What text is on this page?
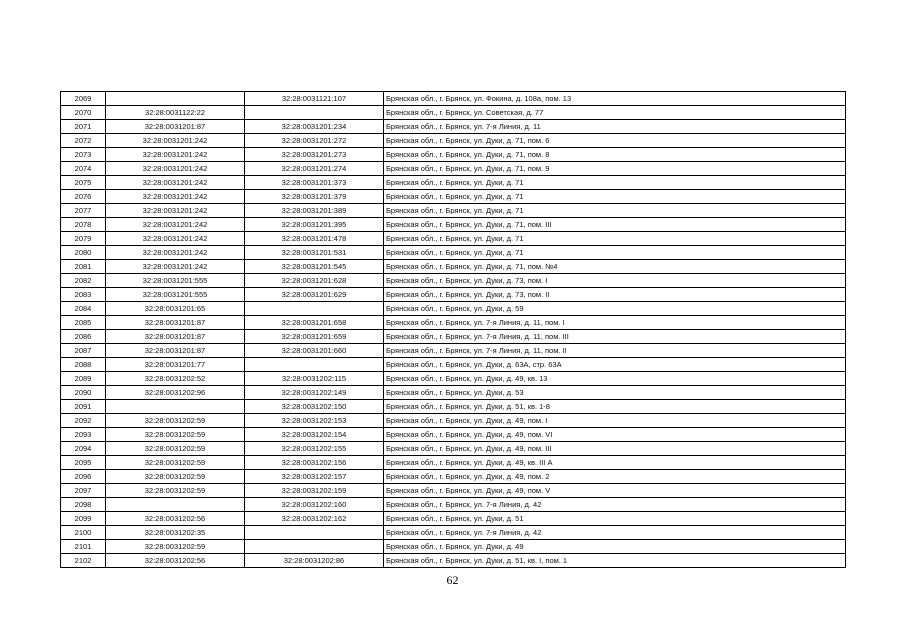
2069		32:28:0031121:107	Брянская обл., г. Брянск, ул. Фокина, д. 108а, пом. 13
2070	32:28:0031122:22		Брянская обл., г. Брянск, ул. Советская, д. 77
2071	32:28:0031201:87	32:28:0031201:234	Брянская обл., г. Брянск, ул. 7-я Линия, д. 11
2072	32:28:0031201:242	32:28:0031201:272	Брянская обл., г. Брянск, ул. Дуки, д. 71, пом. 6
2073	32:28:0031201:242	32:28:0031201:273	Брянская обл., г. Брянск, ул. Дуки, д. 71, пом. 8
2074	32:28:0031201:242	32:28:0031201:274	Брянская обл., г. Брянск, ул. Дуки, д. 71, пом. 9
2075	32:28:0031201:242	32:28:0031201:373	Брянская обл., г. Брянск, ул. Дуки, д. 71
2076	32:28:0031201:242	32:28:0031201:379	Брянская обл., г. Брянск, ул. Дуки, д. 71
2077	32:28:0031201:242	32:28:0031201:389	Брянская обл., г. Брянск, ул. Дуки, д. 71
2078	32:28:0031201:242	32:28:0031201:395	Брянская обл., г. Брянск, ул. Дуки, д. 71, пом. III
2079	32:28:0031201:242	32:28:0031201:478	Брянская обл., г. Брянск, ул. Дуки, д. 71
2080	32:28:0031201:242	32:28:0031201:531	Брянская обл., г. Брянск, ул. Дуки, д. 71
2081	32:28:0031201:242	32:28:0031201:545	Брянская обл., г. Брянск, ул. Дуки, д. 71, пом. №4
2082	32:28:0031201:555	32:28:0031201:628	Брянская обл., г. Брянск, ул. Дуки, д. 73, пом. I
2083	32:28:0031201:555	32:28:0031201:629	Брянская обл., г. Брянск, ул. Дуки, д. 73, пом. II
2084	32:28:0031201:65		Брянская обл., г. Брянск, ул. Дуки, д. 59
2085	32:28:0031201:87	32:28:0031201:658	Брянская обл., г. Брянск, ул. 7-я Линия, д. 11, пом. I
2086	32:28:0031201:87	32:28:0031201:659	Брянская обл., г. Брянск, ул. 7-я Линия, д. 11, пом. III
2087	32:28:0031201:87	32:28:0031201:660	Брянская обл., г. Брянск, ул. 7-я Линия, д. 11, пом. II
2088	32:28:0031201:77		Брянская обл., г. Брянск, ул. Дуки, д. 63А, стр. 63А
2089	32:28:0031202:52	32:28:0031202:115	Брянская обл., г. Брянск, ул. Дуки, д. 49, кв. 13
2090	32:28:0031202:96	32:28:0031202:149	Брянская обл., г. Брянск, ул. Дуки, д. 53
2091		32:28:0031202:150	Брянская обл., г. Брянск, ул. Дуки, д. 51, кв. 1-8
2092	32:28:0031202:59	32:28:0031202:153	Брянская обл., г. Брянск, ул. Дуки, д. 49, пом. I
2093	32:28:0031202:59	32:28:0031202:154	Брянская обл., г. Брянск, ул. Дуки, д. 49, пом. VI
2094	32:28:0031202:59	32:28:0031202:155	Брянская обл., г. Брянск, ул. Дуки, д. 49, пом. III
2095	32:28:0031202:59	32:28:0031202:156	Брянская обл., г. Брянск, ул. Дуки, д. 49, кв. III А
2096	32:28:0031202:59	32:28:0031202:157	Брянская обл., г. Брянск, ул. Дуки, д. 49, пом. 2
2097	32:28:0031202:59	32:28:0031202:159	Брянская обл., г. Брянск, ул. Дуки, д. 49, пом. V
2098		32:28:0031202:160	Брянская обл., г. Брянск, ул. 7-я Линия, д. 42
2099	32:28:0031202:56	32:28:0031202:162	Брянская обл., г. Брянск, ул. Дуки, д. 51
2100	32:28:0031202:35		Брянская обл., г. Брянск, ул. 7-я Линия, д. 42
2101	32:28:0031202:59		Брянская обл., г. Брянск, ул. Дуки, д. 49
2102	32:28:0031202:56	32:28:0031202:86	Брянская обл., г. Брянск, ул. Дуки, д. 51, кв. I, пом. 1
62
